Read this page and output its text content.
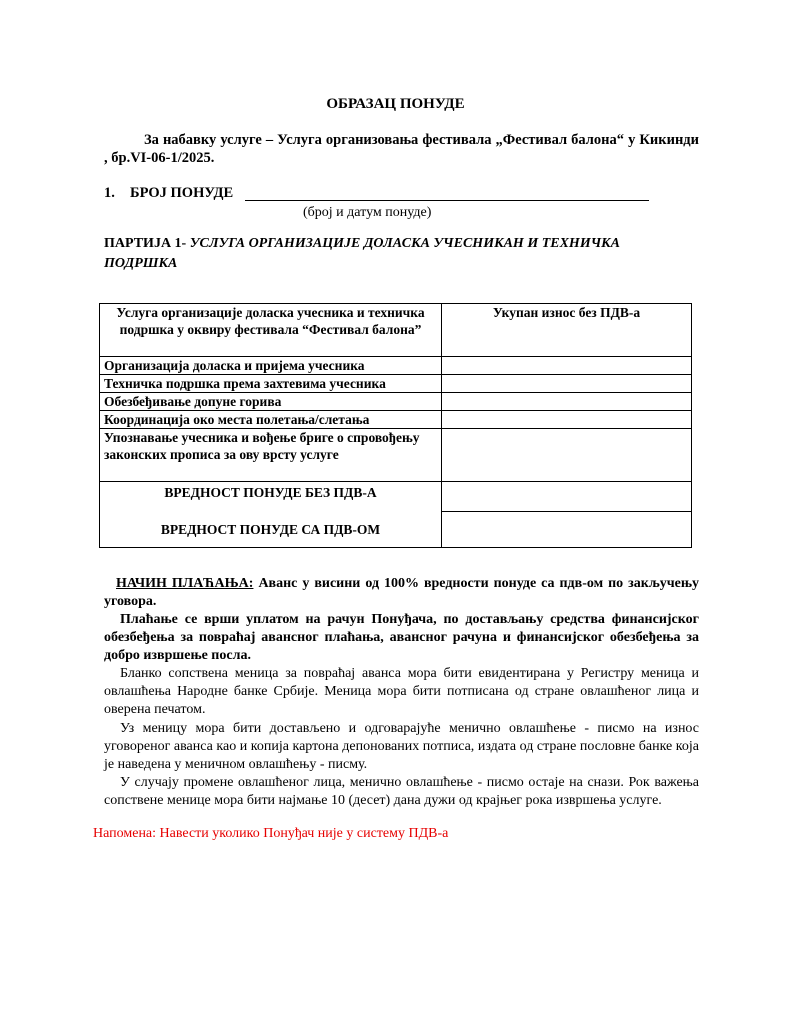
ОБРАЗАЦ ПОНУДЕ
За набавку услуге – Услуга организовања фестивала „Фестивал балона“ у Кикинди , бр.VI-06-1/2025.
1. БРОЈ ПОНУДЕ
(број и датум понуде)
ПАРТИЈА 1- УСЛУГА ОРГАНИЗАЦИЈЕ ДОЛАСКА УЧЕСНИКАН И ТЕХНИЧКА ПОДРШКА
Услуга организације доласка учесника и техничка подршка у оквиру фестивала “Фестивал балона”	Укупан износ без ПДВ-а
Организација доласка и пријема учесника	
Техничка подршка према захтевима учесника	
Обезбеђивање допуне горива	
Координација око места полетања/слетања	
Упознавање учесника и вођење бриге о спровођењу законских прописа за ову врсту услуге	

ВРЕДНОСТ ПОНУДЕ БЕЗ ПДВ-А
ВРЕДНОСТ ПОНУДЕ СА ПДВ-ОМ	

НАЧИН ПЛАЋАЊА: Аванс у висини од 100% вредности понуде са пдв-ом по закључењу уговора.
Плаћање се врши уплатом на рачун Понуђача, по достављању средства финансијског обезбеђења за повраћај авансног плаћања, авансног рачуна и финансијског обезбеђења за добро извршење посла.
Бланко сопствена меница за повраћај аванса мора бити евидентирана у Регистру меница и овлашћења Народне банке Србије. Меница мора бити потписана од стране овлашћеног лица и оверена печатом.
Уз меницу мора бити достављено и одговарајуће менично овлашћење - писмо на износ уговореног аванса као и копија картона депонованих потписа, издата од стране пословне банке која је наведена у меничном овлашћењу - писму.
У случају промене овлашћеног лица, менично овлашћење - писмо остаје на снази. Рок важења сопствене менице мора бити најмање 10 (десет) дана дужи од крајњег рока извршења услуге.
Напомена: Навести уколико Понуђач није у систему ПДВ-а
